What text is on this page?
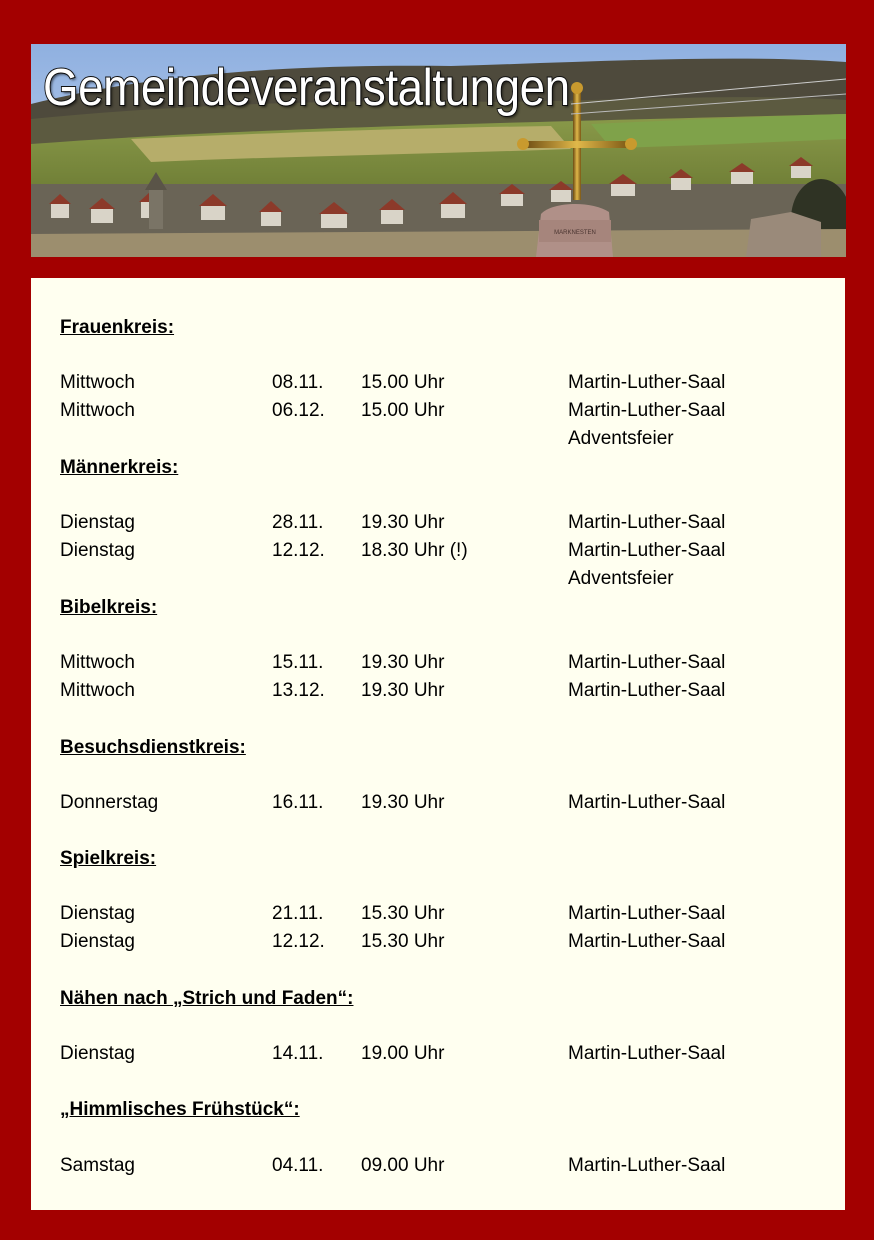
MARKNESTEN
Gemeindeveranstaltungen
Frauenkreis:
Mittwoch	08.11. 15.00 Uhr	Martin-Luther-Saal
Mittwoch	06.12. 15.00 Uhr	Martin-Luther-Saal
Adventsfeier
Männerkreis:
Dienstag	28.11. 19.30 Uhr	Martin-Luther-Saal
Dienstag	12.12. 18.30 Uhr (!)	Martin-Luther-Saal
Adventsfeier
Bibelkreis:
Mittwoch	15.11. 19.30 Uhr	Martin-Luther-Saal
Mittwoch	13.12. 19.30 Uhr	Martin-Luther-Saal
Besuchsdienstkreis:
Donnerstag	16.11. 19.30 Uhr	Martin-Luther-Saal
Spielkreis:
Dienstag	21.11. 15.30 Uhr	Martin-Luther-Saal
Dienstag	12.12. 15.30 Uhr	Martin-Luther-Saal
Nähen nach „Strich und Faden“:
Dienstag	14.11. 19.00 Uhr	Martin-Luther-Saal
„Himmlisches Frühstück“:
Samstag	04.11. 09.00 Uhr	Martin-Luther-Saal
